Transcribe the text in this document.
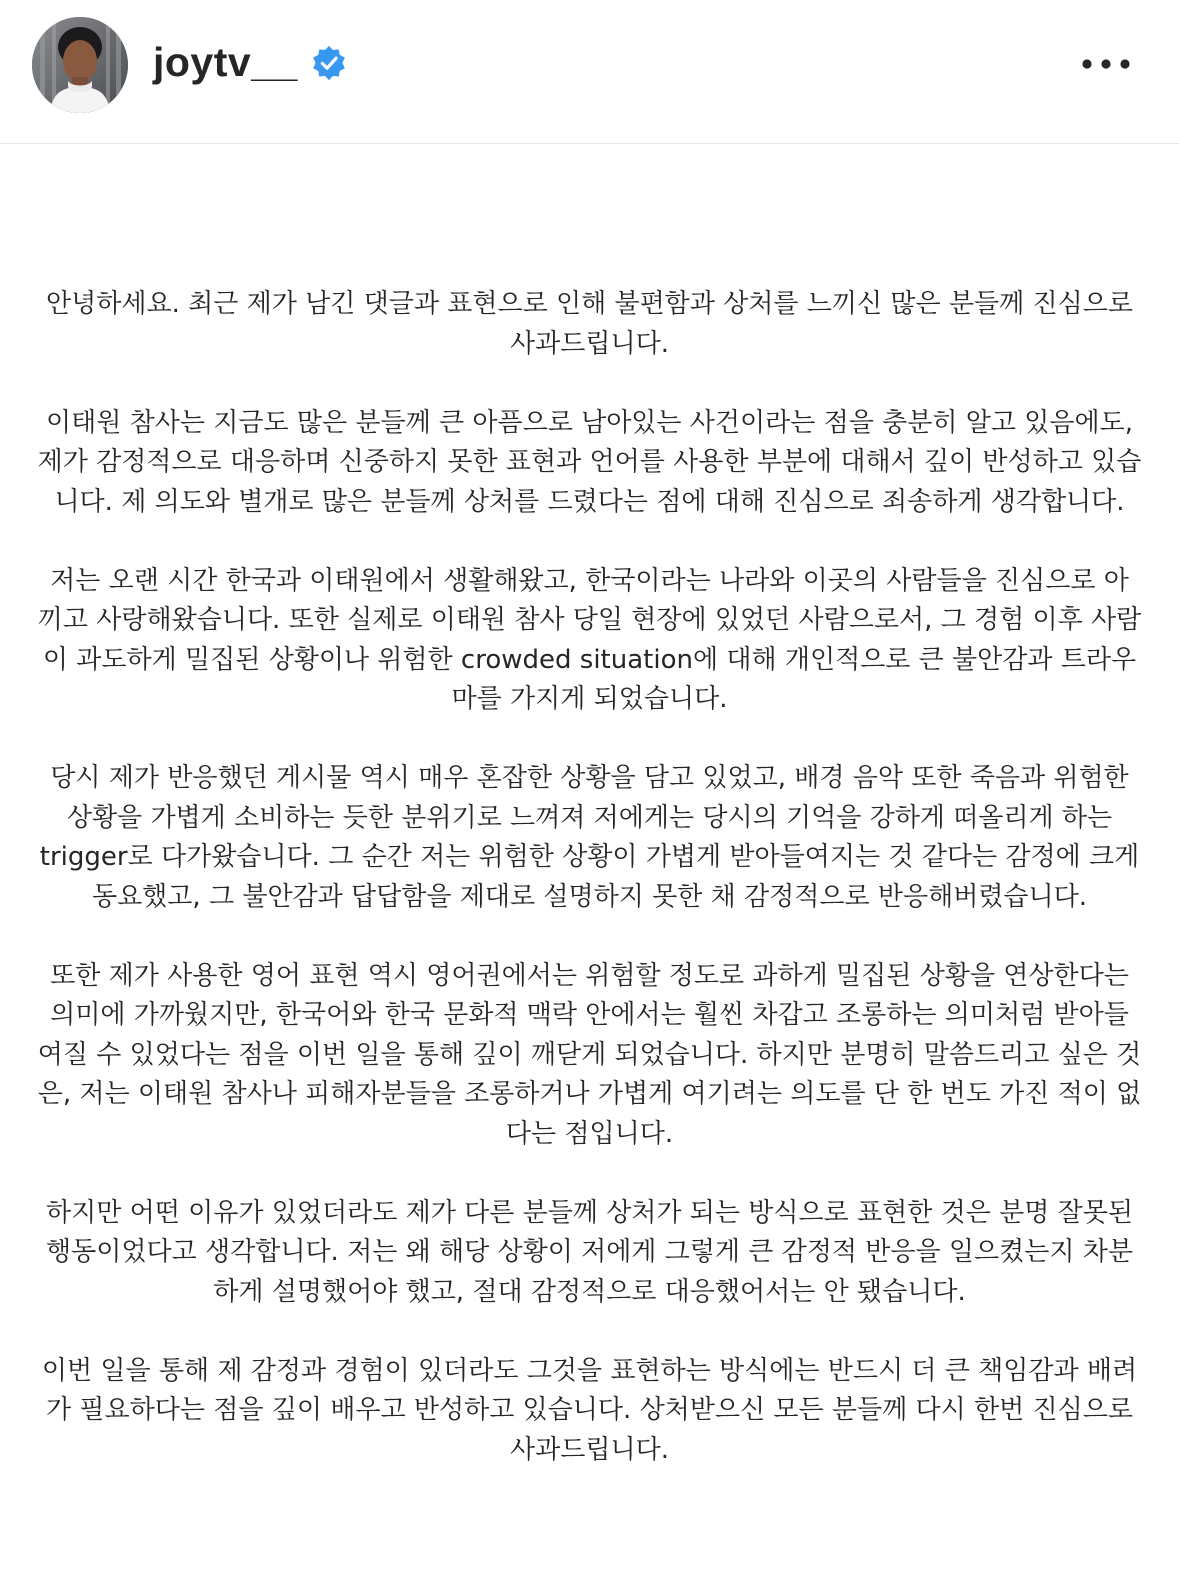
joytv__

안녕하세요. 최근 제가 남긴 댓글과 표현으로 인해 불편함과 상처를 느끼신 많은 분들께 진심으로
사과드립니다.

이태원 참사는 지금도 많은 분들께 큰 아픔으로 남아있는 사건이라는 점을 충분히 알고 있음에도,
제가 감정적으로 대응하며 신중하지 못한 표현과 언어를 사용한 부분에 대해서 깊이 반성하고 있습
니다. 제 의도와 별개로 많은 분들께 상처를 드렸다는 점에 대해 진심으로 죄송하게 생각합니다.

저는 오랜 시간 한국과 이태원에서 생활해왔고, 한국이라는 나라와 이곳의 사람들을 진심으로 아
끼고 사랑해왔습니다. 또한 실제로 이태원 참사 당일 현장에 있었던 사람으로서, 그 경험 이후 사람
이 과도하게 밀집된 상황이나 위험한 crowded situation에 대해 개인적으로 큰 불안감과 트라우
마를 가지게 되었습니다.

당시 제가 반응했던 게시물 역시 매우 혼잡한 상황을 담고 있었고, 배경 음악 또한 죽음과 위험한
상황을 가볍게 소비하는 듯한 분위기로 느껴져 저에게는 당시의 기억을 강하게 떠올리게 하는
trigger로 다가왔습니다. 그 순간 저는 위험한 상황이 가볍게 받아들여지는 것 같다는 감정에 크게
동요했고, 그 불안감과 답답함을 제대로 설명하지 못한 채 감정적으로 반응해버렸습니다.

또한 제가 사용한 영어 표현 역시 영어권에서는 위험할 정도로 과하게 밀집된 상황을 연상한다는
의미에 가까웠지만, 한국어와 한국 문화적 맥락 안에서는 훨씬 차갑고 조롱하는 의미처럼 받아들
여질 수 있었다는 점을 이번 일을 통해 깊이 깨닫게 되었습니다. 하지만 분명히 말씀드리고 싶은 것
은, 저는 이태원 참사나 피해자분들을 조롱하거나 가볍게 여기려는 의도를 단 한 번도 가진 적이 없
다는 점입니다.

하지만 어떤 이유가 있었더라도 제가 다른 분들께 상처가 되는 방식으로 표현한 것은 분명 잘못된
행동이었다고 생각합니다. 저는 왜 해당 상황이 저에게 그렇게 큰 감정적 반응을 일으켰는지 차분
하게 설명했어야 했고, 절대 감정적으로 대응했어서는 안 됐습니다.

이번 일을 통해 제 감정과 경험이 있더라도 그것을 표현하는 방식에는 반드시 더 큰 책임감과 배려
가 필요하다는 점을 깊이 배우고 반성하고 있습니다. 상처받으신 모든 분들께 다시 한번 진심으로
사과드립니다.
